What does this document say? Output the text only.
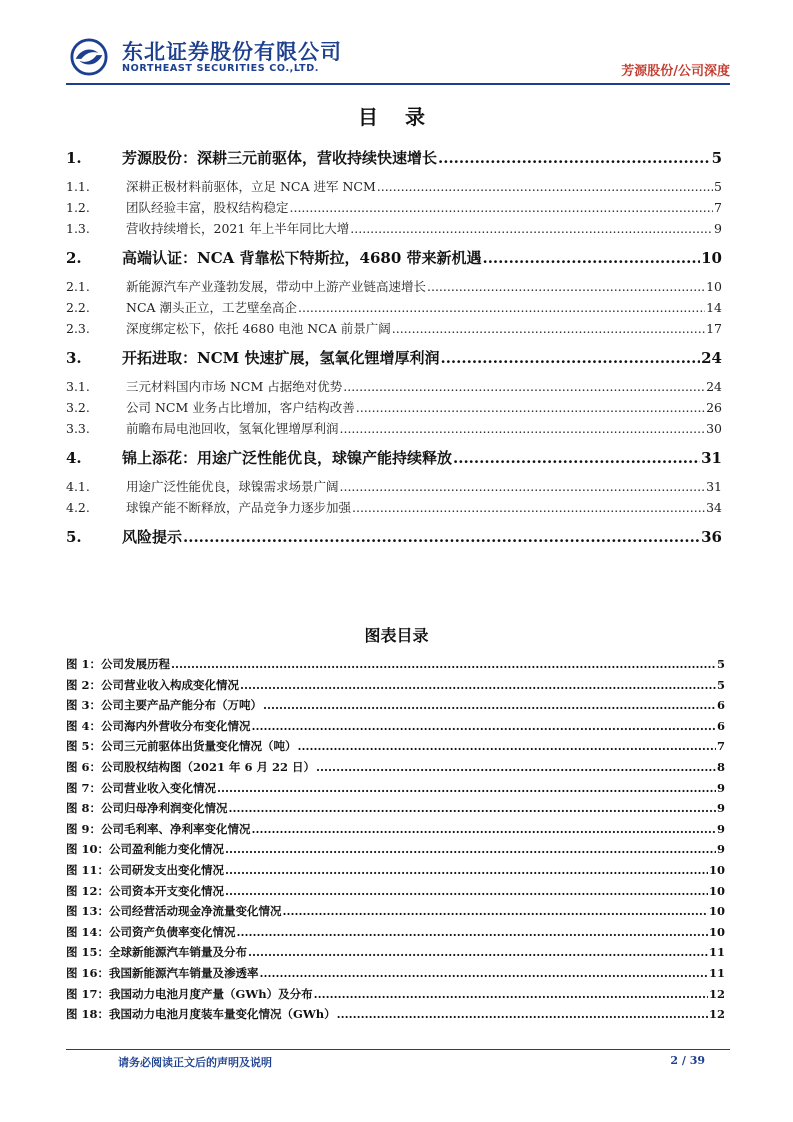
东北证券股份有限公司
NORTHEAST SECURITIES CO.,LTD.	芳源股份/公司深度
目 录
1.	芳源股份：深耕三元前驱体，营收持续快速增长 .....	5
1.1.	深耕正极材料前驱体，立足 NCA 进军 NCM .....	5
1.2.	团队经验丰富，股权结构稳定 .....	7
1.3.	营收持续增长，2021 年上半年同比大增 .....	9
2.	高端认证：NCA 背靠松下特斯拉，4680 带来新机遇 .....	10
2.1.	新能源汽车产业蓬勃发展，带动中上游产业链高速增长 .....	10
2.2.	NCA 潮头正立，工艺壁垒高企 .....	14
2.3.	深度绑定松下，依托 4680 电池 NCA 前景广阔 .....	17
3.	开拓进取：NCM 快速扩展，氢氧化锂增厚利润 .....	24
3.1.	三元材料国内市场 NCM 占据绝对优势 .....	24
3.2.	公司 NCM 业务占比增加，客户结构改善 .....	26
3.3.	前瞻布局电池回收，氢氧化锂增厚利润 .....	30
4.	锦上添花：用途广泛性能优良，球镍产能持续释放 .....	31
4.1.	用途广泛性能优良，球镍需求场景广阔 .....	31
4.2.	球镍产能不断释放，产品竞争力逐步加强 .....	34
5.	风险提示 .....	36
图表目录
图 1：公司发展历程 .....	5
图 2：公司营业收入构成变化情况 .....	5
图 3：公司主要产品产能分布（万吨） .....	6
图 4：公司海内外营收分布变化情况 .....	6
图 5：公司三元前驱体出货量变化情况（吨） .....	7
图 6：公司股权结构图（2021 年 6 月 22 日） .....	8
图 7：公司营业收入变化情况 .....	9
图 8：公司归母净利润变化情况 .....	9
图 9：公司毛利率、净利率变化情况 .....	9
图 10：公司盈利能力变化情况 .....	9
图 11：公司研发支出变化情况 .....	10
图 12：公司资本开支变化情况 .....	10
图 13：公司经营活动现金净流量变化情况 .....	10
图 14：公司资产负债率变化情况 .....	10
图 15：全球新能源汽车销量及分布 .....	11
图 16：我国新能源汽车销量及渗透率 .....	11
图 17：我国动力电池月度产量（GWh）及分布 .....	12
图 18：我国动力电池月度装车量变化情况（GWh） .....	12
请务必阅读正文后的声明及说明	2 / 39
